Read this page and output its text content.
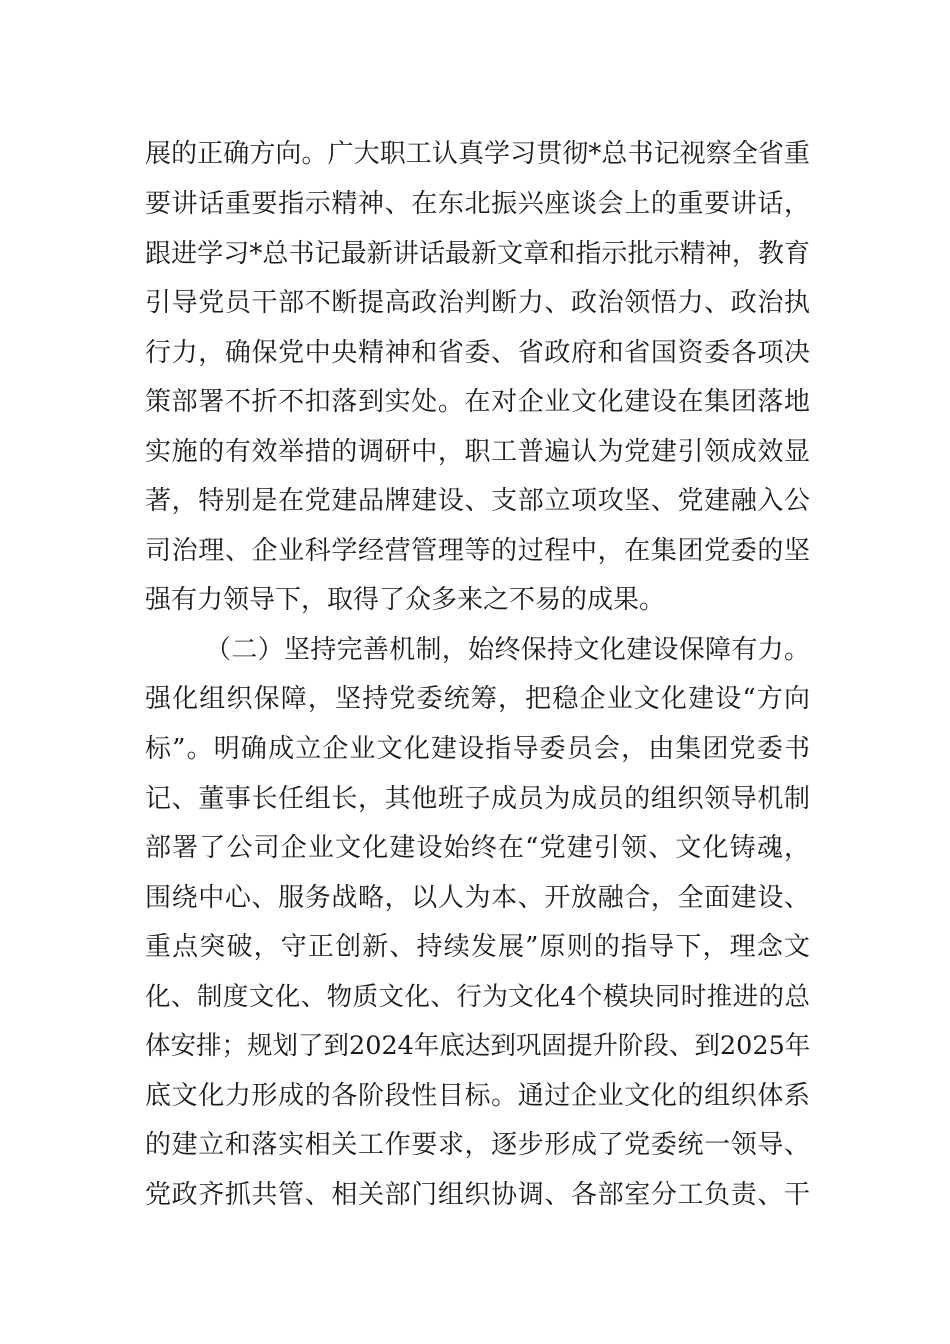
展的正确方向。广大职工认真学习贯彻*总书记视察全省重
要讲话重要指示精神、在东北振兴座谈会上的重要讲话，
跟进学习*总书记最新讲话最新文章和指示批示精神，教育
引导党员干部不断提高政治判断力、政治领悟力、政治执
行力，确保党中央精神和省委、省政府和省国资委各项决
策部署不折不扣落到实处。在对企业文化建设在集团落地
实施的有效举措的调研中，职工普遍认为党建引领成效显
著，特别是在党建品牌建设、支部立项攻坚、党建融入公
司治理、企业科学经营管理等的过程中，在集团党委的坚
强有力领导下，取得了众多来之不易的成果。
（二）坚持完善机制，始终保持文化建设保障有力。
强化组织保障，坚持党委统筹，把稳企业文化建设“方向
标”。明确成立企业文化建设指导委员会，由集团党委书
记、董事长任组长，其他班子成员为成员的组织领导机制
部署了公司企业文化建设始终在“党建引领、文化铸魂，
围绕中心、服务战略，以人为本、开放融合，全面建设、
重点突破，守正创新、持续发展”原则的指导下，理念文
化、制度文化、物质文化、行为文化4个模块同时推进的总
体安排；规划了到2024年底达到巩固提升阶段、到2025年
底文化力形成的各阶段性目标。通过企业文化的组织体系
的建立和落实相关工作要求，逐步形成了党委统一领导、
党政齐抓共管、相关部门组织协调、各部室分工负责、干
